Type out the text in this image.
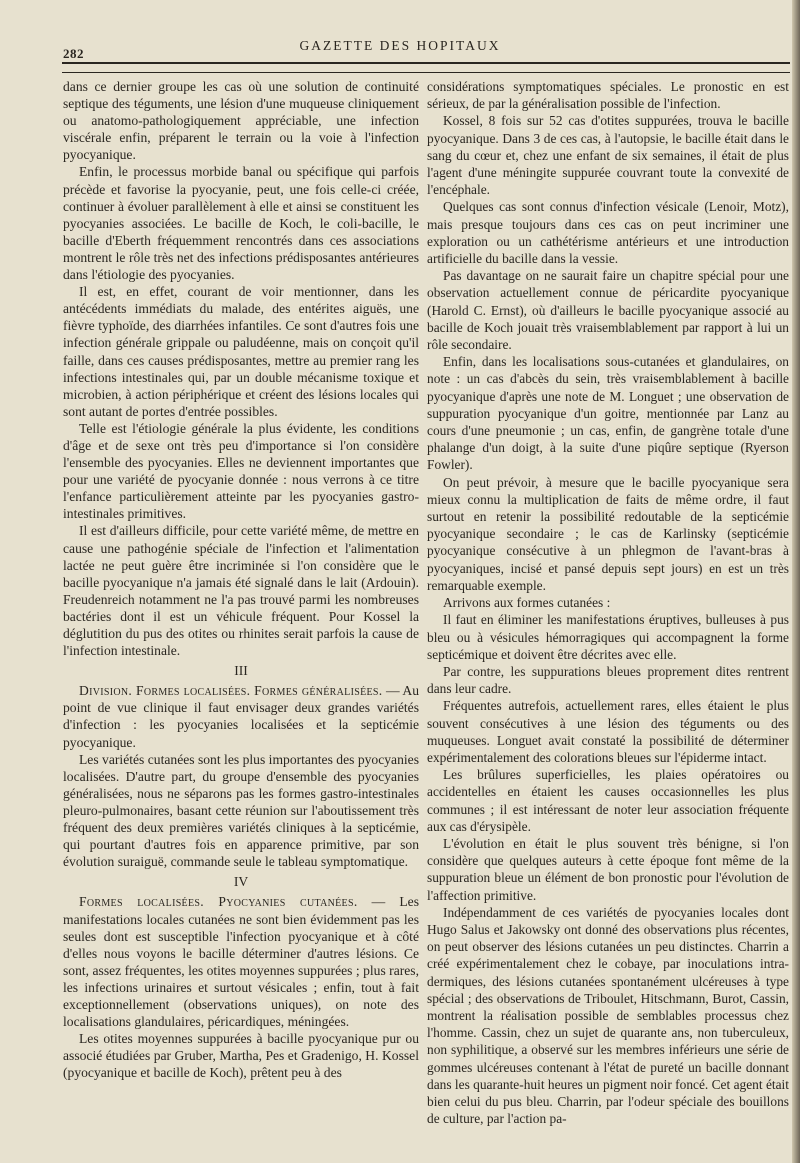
282
GAZETTE DES HOPITAUX

dans ce dernier groupe les cas où une solution de continuité septique des téguments, une lésion d'une muqueuse cliniquement ou anatomo-pathologiquement appréciable, une infection viscérale enfin, préparent le terrain ou la voie à l'infection pyocyanique.

Enfin, le processus morbide banal ou spécifique qui parfois précède et favorise la pyocyanie, peut, une fois celle-ci créée, continuer à évoluer parallèlement à elle et ainsi se constituent les pyocyanies associées. Le bacille de Koch, le coli-bacille, le bacille d'Eberth fréquemment rencontrés dans ces associations montrent le rôle très net des infections prédisposantes antérieures dans l'étiologie des pyocyanies.

Il est, en effet, courant de voir mentionner, dans les antécédents immédiats du malade, des entérites aiguës, une fièvre typhoïde, des diarrhées infantiles. Ce sont d'autres fois une infection générale grippale ou paludéenne, mais on conçoit qu'il faille, dans ces causes prédisposantes, mettre au premier rang les infections intestinales qui, par un double mécanisme toxique et microbien, à action périphérique et créent des lésions locales qui sont autant de portes d'entrée possibles.

Telle est l'étiologie générale la plus évidente, les conditions d'âge et de sexe ont très peu d'importance si l'on considère l'ensemble des pyocyanies. Elles ne deviennent importantes que pour une variété de pyocyanie donnée : nous verrons à ce titre l'enfance particulièrement atteinte par les pyocyanies gastro-intestinales primitives.

Il est d'ailleurs difficile, pour cette variété même, de mettre en cause une pathogénie spéciale de l'infection et l'alimentation lactée ne peut guère être incriminée si l'on considère que le bacille pyocyanique n'a jamais été signalé dans le lait (Ardouin). Freudenreich notamment ne l'a pas trouvé parmi les nombreuses bactéries dont il est un véhicule fréquent. Pour Kossel la déglutition du pus des otites ou rhinites serait parfois la cause de l'infection intestinale.

III

Division. Formes localisées. Formes généralisées. — Au point de vue clinique il faut envisager deux grandes variétés d'infection : les pyocyanies localisées et la septicémie pyocyanique.

Les variétés cutanées sont les plus importantes des pyocyanies localisées. D'autre part, du groupe d'ensemble des pyocyanies généralisées, nous ne séparons pas les formes gastro-intestinales pleuro-pulmonaires, basant cette réunion sur l'aboutissement très fréquent des deux premières variétés cliniques à la septicémie, qui pourtant d'autres fois en apparence primitive, par son évolution suraiguë, commande seule le tableau symptomatique.

IV

Formes localisées. Pyocyanies cutanées. — Les manifestations locales cutanées ne sont bien évidemment pas les seules dont est susceptible l'infection pyocyanique et à côté d'elles nous voyons le bacille déterminer d'autres lésions. Ce sont, assez fréquentes, les otites moyennes suppurées ; plus rares, les infections urinaires et surtout vésicales ; enfin, tout à fait exceptionnellement (observations uniques), on note des localisations glandulaires, péricardiques, méningées.

Les otites moyennes suppurées à bacille pyocyanique pur ou associé étudiées par Gruber, Martha, Pes et Gradenigo, H. Kossel (pyocyanique et bacille de Koch), prêtent peu à des

considérations symptomatiques spéciales. Le pronostic en est sérieux, de par la généralisation possible de l'infection.

Kossel, 8 fois sur 52 cas d'otites suppurées, trouva le bacille pyocyanique. Dans 3 de ces cas, à l'autopsie, le bacille était dans le sang du cœur et, chez une enfant de six semaines, il était de plus l'agent d'une méningite suppurée couvrant toute la convexité de l'encéphale.

Quelques cas sont connus d'infection vésicale (Lenoir, Motz), mais presque toujours dans ces cas on peut incriminer une exploration ou un cathétérisme antérieurs et une introduction artificielle du bacille dans la vessie.

Pas davantage on ne saurait faire un chapitre spécial pour une observation actuellement connue de péricardite pyocyanique (Harold C. Ernst), où d'ailleurs le bacille pyocyanique associé au bacille de Koch jouait très vraisemblablement par rapport à lui un rôle secondaire.

Enfin, dans les localisations sous-cutanées et glandulaires, on note : un cas d'abcès du sein, très vraisemblablement à bacille pyocyanique d'après une note de M. Longuet ; une observation de suppuration pyocyanique d'un goitre, mentionnée par Lanz au cours d'une pneumonie ; un cas, enfin, de gangrène totale d'une phalange d'un doigt, à la suite d'une piqûre septique (Ryerson Fowler).

On peut prévoir, à mesure que le bacille pyocyanique sera mieux connu la multiplication de faits de même ordre, il faut surtout en retenir la possibilité redoutable de la septicémie pyocyanique secondaire ; le cas de Karlinsky (septicémie pyocyanique consécutive à un phlegmon de l'avant-bras à pyocyaniques, incisé et pansé depuis sept jours) en est un très remarquable exemple.

Arrivons aux formes cutanées :

Il faut en éliminer les manifestations éruptives, bulleuses à pus bleu ou à vésicules hémorragiques qui accompagnent la forme septicémique et doivent être décrites avec elle.

Par contre, les suppurations bleues proprement dites rentrent dans leur cadre.

Fréquentes autrefois, actuellement rares, elles étaient le plus souvent consécutives à une lésion des téguments ou des muqueuses. Longuet avait constaté la possibilité de déterminer expérimentalement des colorations bleues sur l'épiderme intact.

Les brûlures superficielles, les plaies opératoires ou accidentelles en étaient les causes occasionnelles les plus communes ; il est intéressant de noter leur association fréquente aux cas d'érysipèle.

L'évolution en était le plus souvent très bénigne, si l'on considère que quelques auteurs à cette époque font même de la suppuration bleue un élément de bon pronostic pour l'évolution de l'affection primitive.

Indépendamment de ces variétés de pyocyanies locales dont Hugo Salus et Jakowsky ont donné des observations plus récentes, on peut observer des lésions cutanées un peu distinctes. Charrin a créé expérimentalement chez le cobaye, par inoculations intra-dermiques, des lésions cutanées spontanément ulcéreuses à type spécial ; des observations de Triboulet, Hitschmann, Burot, Cassin, montrent la réalisation possible de semblables processus chez l'homme. Cassin, chez un sujet de quarante ans, non tuberculeux, non syphilitique, a observé sur les membres inférieurs une série de gommes ulcéreuses contenant à l'état de pureté un bacille donnant dans les quarante-huit heures un pigment noir foncé. Cet agent était bien celui du pus bleu. Charrin, par l'odeur spéciale des bouillons de culture, par l'action pa-
